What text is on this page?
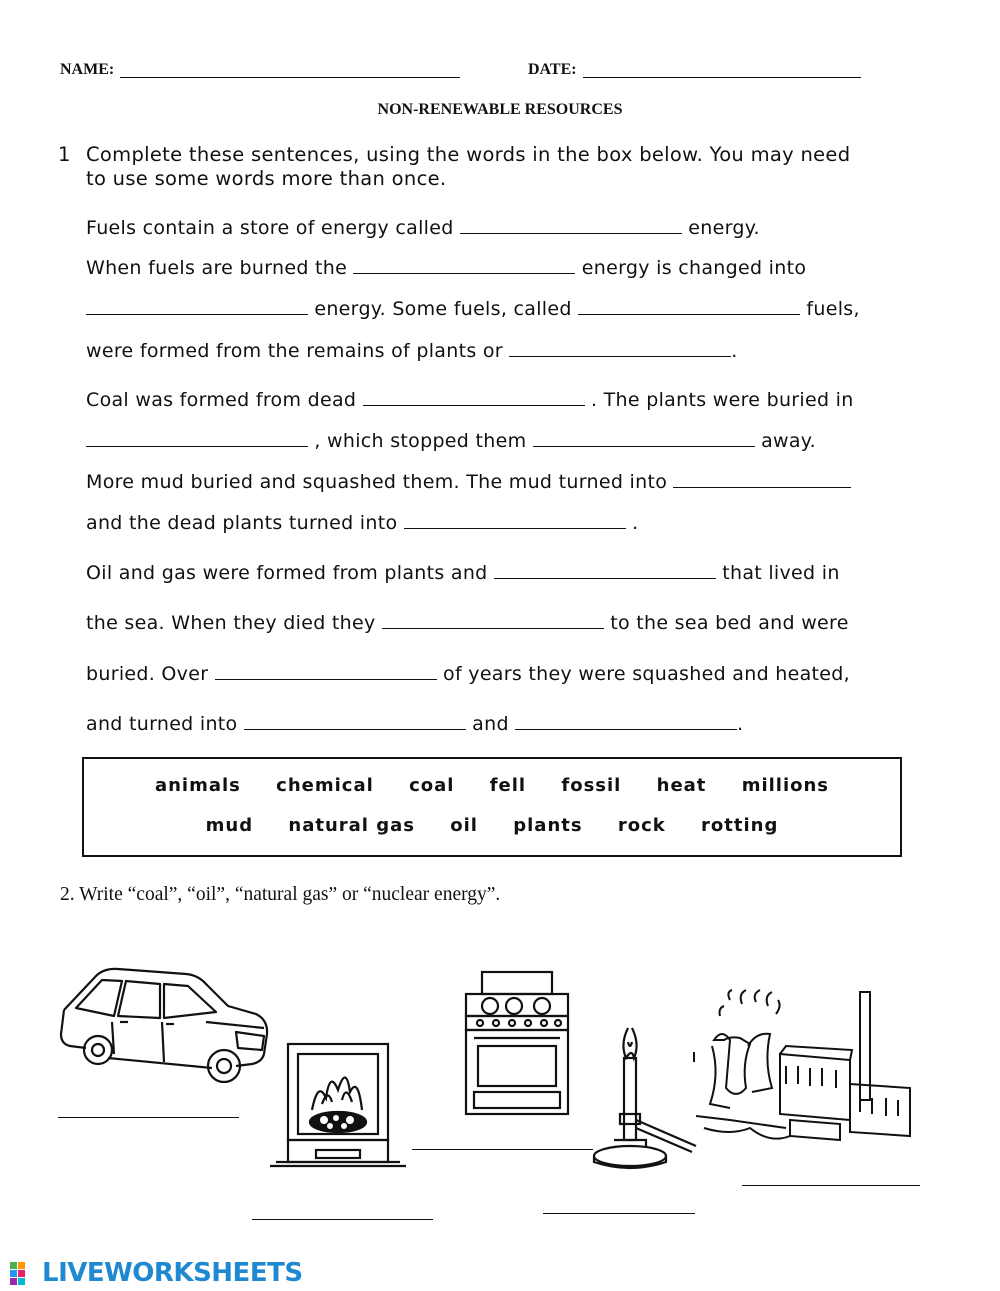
NAME:	DATE:
NON-RENEWABLE RESOURCES
1 Complete these sentences, using the words in the box below. You may need
to use some words more than once.
Fuels contain a store of energy called	energy.
When fuels are burned the	energy is changed into
energy. Some fuels, called	fuels,
were formed from the remains of plants or	.
Coal was formed from dead	. The plants were buried in
, which stopped them	away.
More mud buried and squashed them. The mud turned into
and the dead plants turned into	.
Oil and gas were formed from plants and	that lived in
the sea. When they died they	to the sea bed and were
buried. Over	of years they were squashed and heated,
and turned into	and	.
animals chemical coal fell fossil heat millions
mud natural gas oil plants rock rotting
2. Write “coal”, “oil”, “natural gas” or “nuclear energy”.
LIVEWORKSHEETS
